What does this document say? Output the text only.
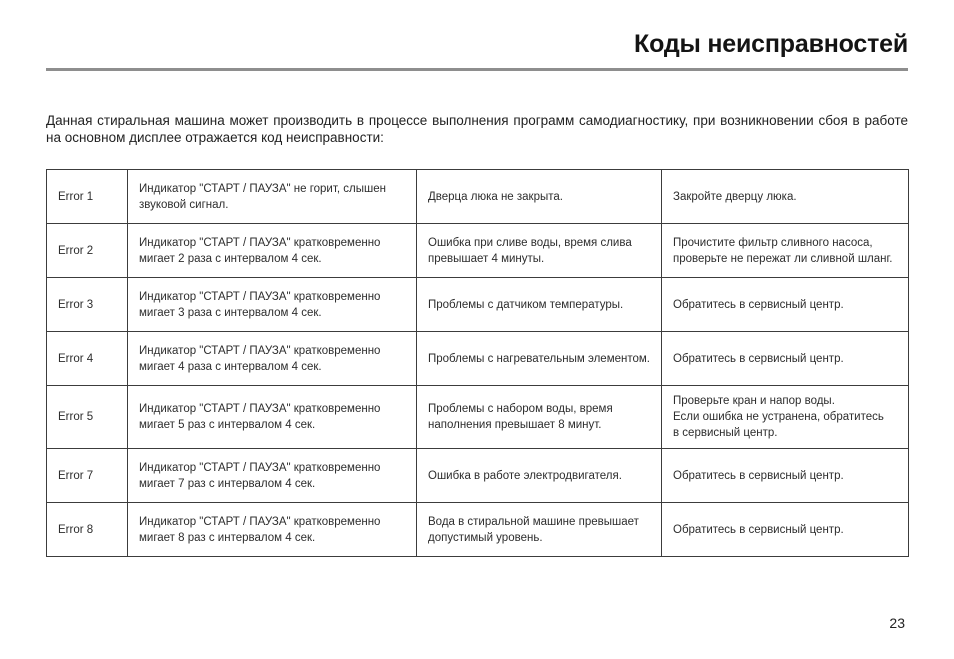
Коды неисправностей

Данная стиральная машина может производить в процессе выполнения программ самодиагностику, при возникновении сбоя в работе на основном дисплее отражается код неисправности:

Error 1	Индикатор "СТАРТ / ПАУЗА" не горит, слышен звуковой сигнал.	Дверца люка не закрыта.	Закройте дверцу люка.
Error 2	Индикатор "СТАРТ / ПАУЗА" кратковременно мигает 2 раза с интервалом 4 сек.	Ошибка при сливе воды, время слива превышает 4 минуты.	Прочистите фильтр сливного насоса, проверьте не пережат ли сливной шланг.
Error 3	Индикатор "СТАРТ / ПАУЗА" кратковременно мигает 3 раза с интервалом 4 сек.	Проблемы с датчиком температуры.	Обратитесь в сервисный центр.
Error 4	Индикатор "СТАРТ / ПАУЗА" кратковременно мигает 4 раза с интервалом 4 сек.	Проблемы с нагревательным элементом.	Обратитесь в сервисный центр.
Error 5	Индикатор "СТАРТ / ПАУЗА" кратковременно мигает 5 раз с интервалом 4 сек.	Проблемы с набором воды, время наполнения превышает 8 минут.	Проверьте кран и напор воды.
Если ошибка не устранена, обратитесь
в сервисный центр.
Error 7	Индикатор "СТАРТ / ПАУЗА" кратковременно мигает 7 раз с интервалом 4 сек.	Ошибка в работе электродвигателя.	Обратитесь в сервисный центр.
Error 8	Индикатор "СТАРТ / ПАУЗА" кратковременно мигает 8 раз с интервалом 4 сек.	Вода в стиральной машине превышает допустимый уровень.	Обратитесь в сервисный центр.
23
